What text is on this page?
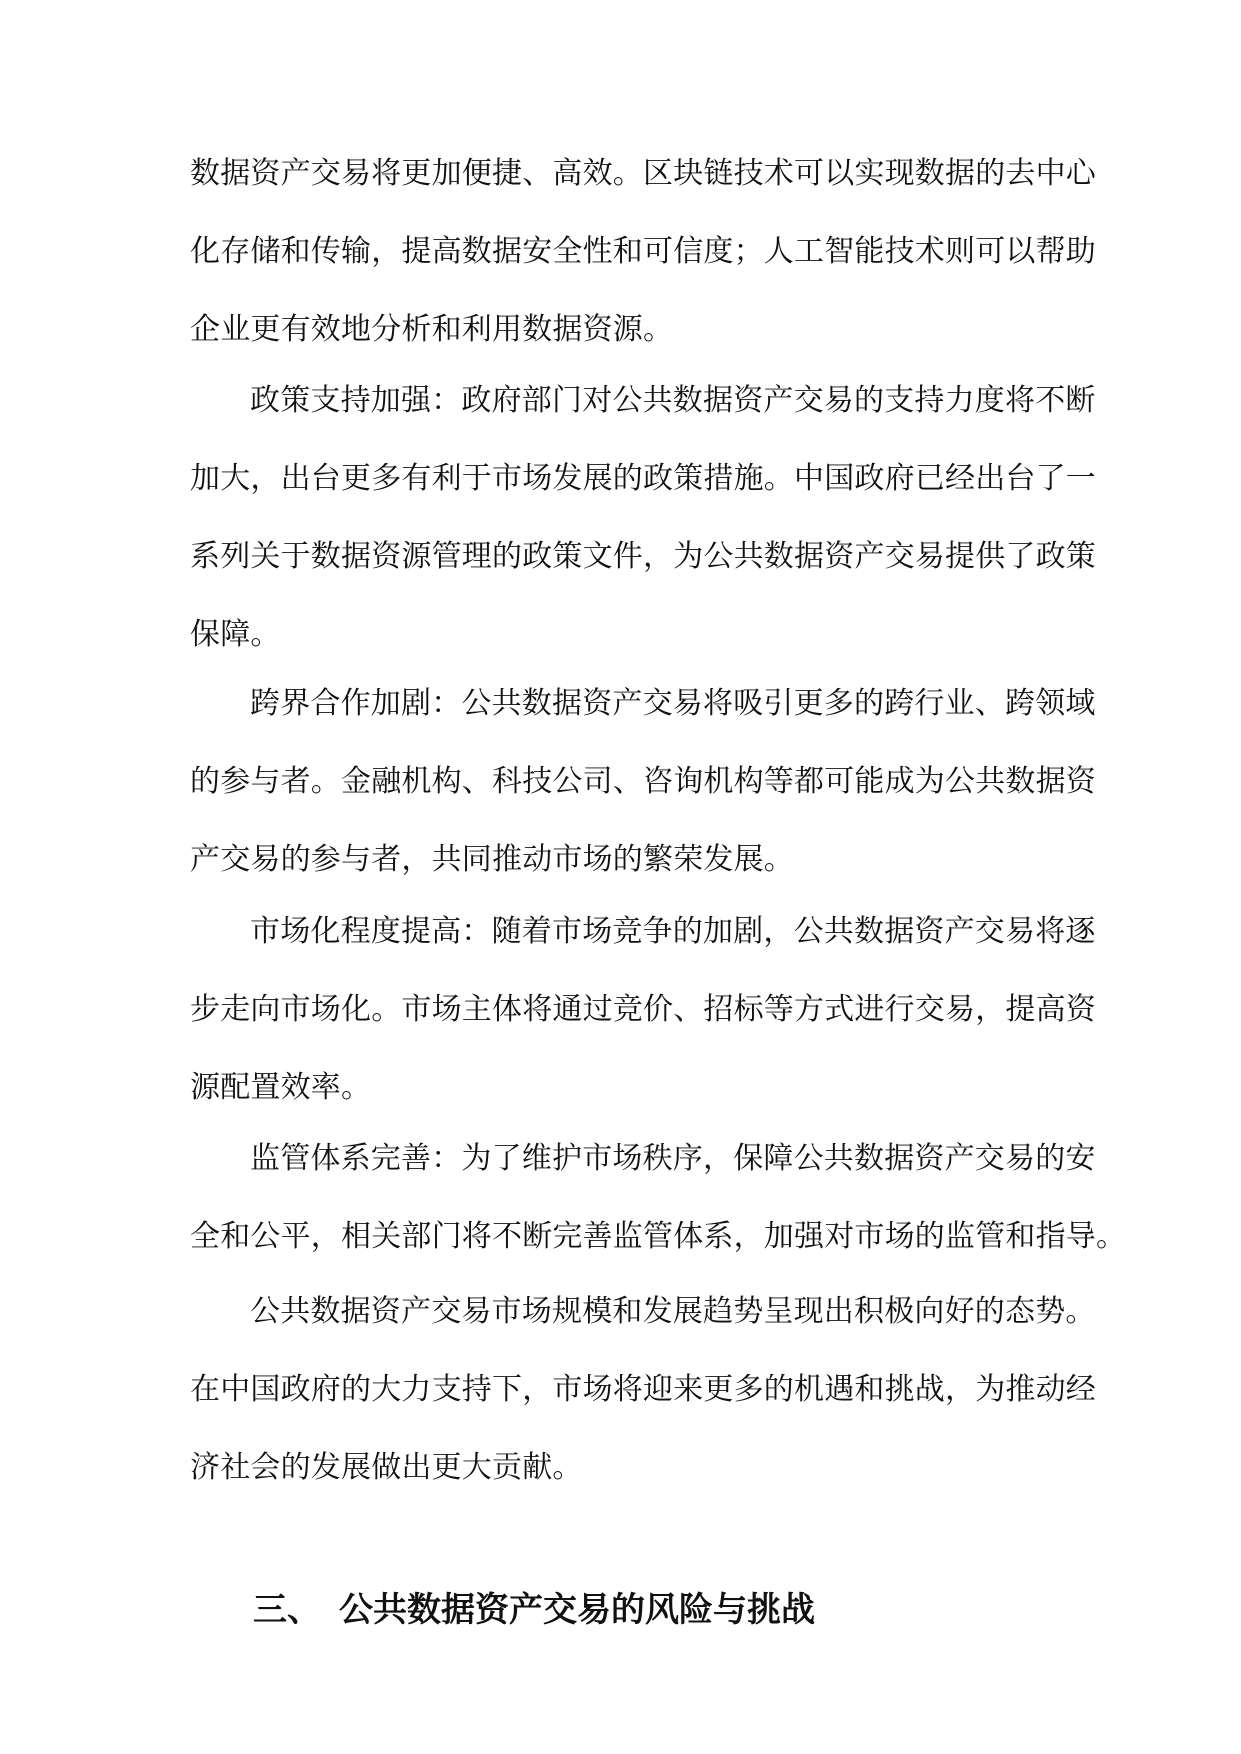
数据资产交易将更加便捷、高效。区块链技术可以实现数据的去中心
化存储和传输，提高数据安全性和可信度；人工智能技术则可以帮助
企业更有效地分析和利用数据资源。

政策支持加强：政府部门对公共数据资产交易的支持力度将不断
加大，出台更多有利于市场发展的政策措施。中国政府已经出台了一
系列关于数据资源管理的政策文件，为公共数据资产交易提供了政策
保障。

跨界合作加剧：公共数据资产交易将吸引更多的跨行业、跨领域
的参与者。金融机构、科技公司、咨询机构等都可能成为公共数据资
产交易的参与者，共同推动市场的繁荣发展。

市场化程度提高：随着市场竞争的加剧，公共数据资产交易将逐
步走向市场化。市场主体将通过竞价、招标等方式进行交易，提高资
源配置效率。

监管体系完善：为了维护市场秩序，保障公共数据资产交易的安
全和公平，相关部门将不断完善监管体系，加强对市场的监管和指导。

公共数据资产交易市场规模和发展趋势呈现出积极向好的态势。
在中国政府的大力支持下，市场将迎来更多的机遇和挑战，为推动经
济社会的发展做出更大贡献。

三、 公共数据资产交易的风险与挑战
